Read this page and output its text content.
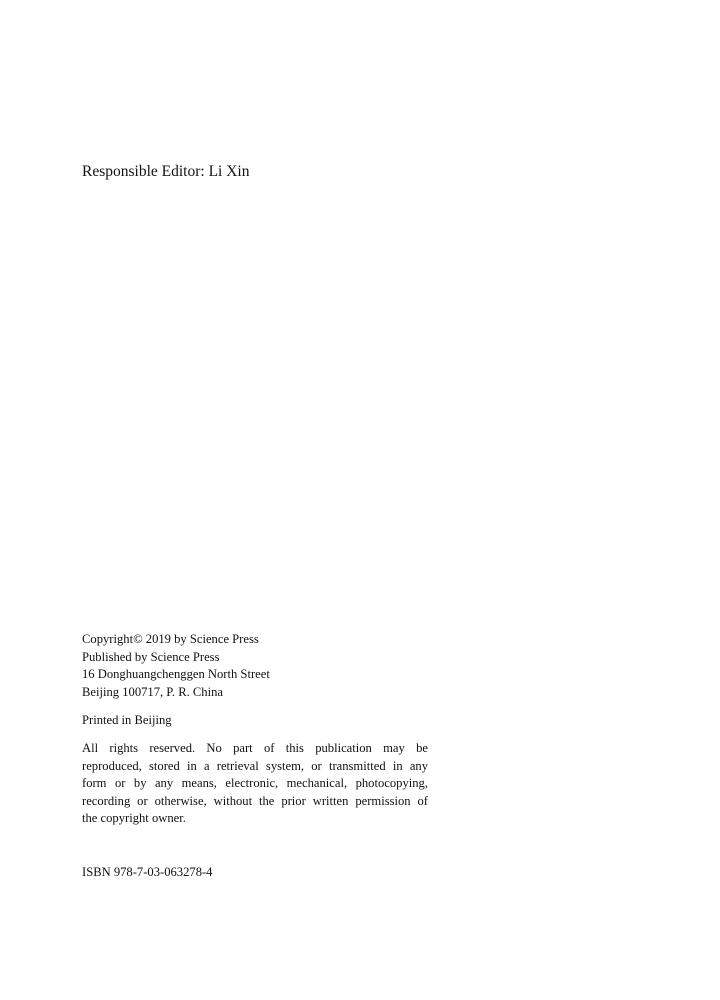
Responsible Editor: Li Xin
Copyright© 2019 by Science Press
Published by Science Press
16 Donghuangchenggen North Street
Beijing 100717, P. R. China
Printed in Beijing
All rights reserved. No part of this publication may be
reproduced, stored in a retrieval system, or transmitted in any
form or by any means, electronic, mechanical, photocopying,
recording or otherwise, without the prior written permission of
the copyright owner.
ISBN 978-7-03-063278-4
